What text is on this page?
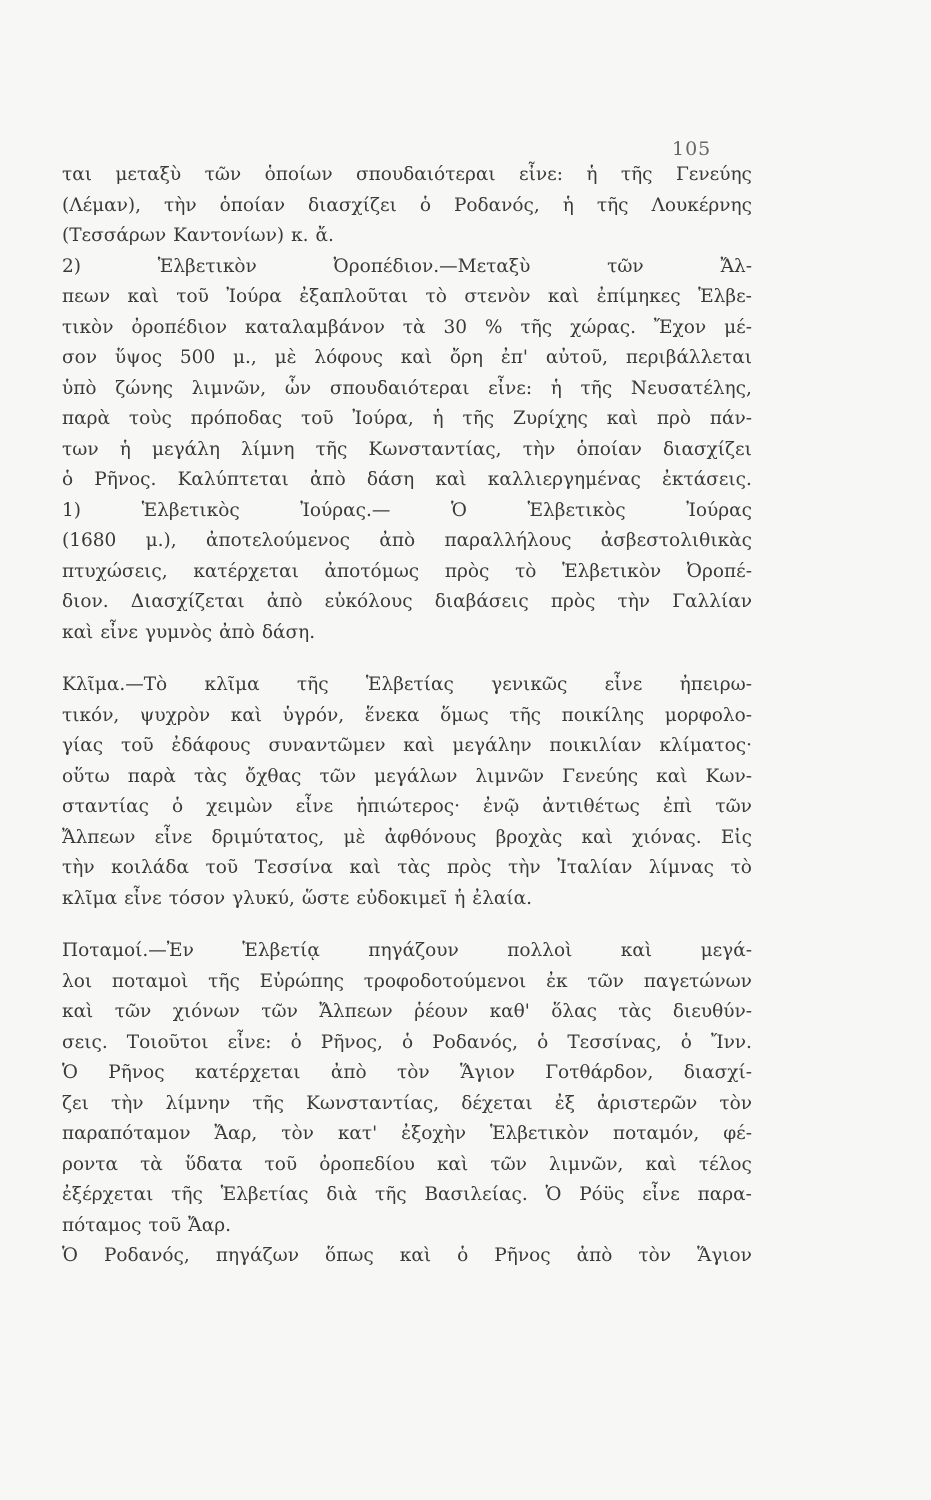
105
ται μεταξὺ τῶν ὁποίων σπουδαιότεραι εἶνε: ἡ τῆς Γενεύης
(Λέμαν), τὴν ὁποίαν διασχίζει ὁ Ροδανός, ἡ τῆς Λουκέρνης
(Τεσσάρων Καντονίων) κ. ἄ.
2)	Ἑλβετικὸν	Ὀροπέδιον.—Μεταξὺ	τῶν	Ἄλ-
πεων καὶ τοῦ Ἰούρα ἐξαπλοῦται τὸ στενὸν καὶ ἐπίμηκες Ἑλβε-
τικὸν ὀροπέδιον καταλαμβάνον τὰ 30 % τῆς χώρας. Ἔχον μέ-
σον ὕψος 500 μ., μὲ λόφους καὶ ὄρη ἐπ' αὐτοῦ, περιβάλλεται
ὑπὸ ζώνης λιμνῶν, ὧν σπουδαιότεραι εἶνε: ἡ τῆς Νευσατέλης,
παρὰ τοὺς πρόποδας τοῦ Ἰούρα, ἡ τῆς Ζυρίχης καὶ πρὸ πάν-
των ἡ μεγάλη λίμνη τῆς Κωνσταντίας, τὴν ὁποίαν διασχίζει
ὁ Ρῆνος. Καλύπτεται ἀπὸ δάση καὶ καλλιεργημένας ἐκτάσεις.
1)	Ἑλβετικὸς	Ἰούρας.—	Ὁ	Ἑλβετικὸς	Ἰούρας
(1680 μ.), ἀποτελούμενος ἀπὸ παραλλήλους ἀσβεστολιθικὰς
πτυχώσεις, κατέρχεται ἀποτόμως πρὸς τὸ Ἑλβετικὸν Ὀροπέ-
διον. Διασχίζεται ἀπὸ εὐκόλους διαβάσεις πρὸς τὴν Γαλλίαν
καὶ εἶνε γυμνὸς ἀπὸ δάση.
Κλῖμα.—Τὸ κλῖμα τῆς Ἑλβετίας γενικῶς εἶνε ἠπειρω-
τικόν, ψυχρὸν καὶ ὑγρόν, ἕνεκα ὅμως τῆς ποικίλης μορφολο-
γίας τοῦ ἐδάφους συναντῶμεν καὶ μεγάλην ποικιλίαν κλίματος·
οὕτω παρὰ τὰς ὄχθας τῶν μεγάλων λιμνῶν Γενεύης καὶ Κων-
σταντίας ὁ χειμὼν εἶνε ἠπιώτερος· ἐνῷ ἀντιθέτως ἐπὶ τῶν
Ἄλπεων εἶνε δριμύτατος, μὲ ἀφθόνους βροχὰς καὶ χιόνας. Εἰς
τὴν κοιλάδα τοῦ Τεσσίνα καὶ τὰς πρὸς τὴν Ἰταλίαν λίμνας τὸ
κλῖμα εἶνε τόσον γλυκύ, ὥστε εὐδοκιμεῖ ἡ ἐλαία.
Ποταμοί.—Ἐν	Ἑλβετίᾳ	πηγάζουν	πολλοὶ	καὶ	μεγά-
λοι ποταμοὶ τῆς Εὐρώπης τροφοδοτούμενοι ἐκ τῶν παγετώνων
καὶ τῶν χιόνων τῶν Ἄλπεων ῥέουν καθ' ὅλας τὰς διευθύν-
σεις. Τοιοῦτοι εἶνε: ὁ Ρῆνος, ὁ Ροδανός, ὁ Τεσσίνας, ὁ Ἴνν.
Ὁ Ρῆνος κατέρχεται ἀπὸ τὸν Ἅγιον Γοτθάρδον, διασχί-
ζει τὴν λίμνην τῆς Κωνσταντίας, δέχεται ἐξ ἀριστερῶν τὸν
παραπόταμον Ἄαρ, τὸν κατ' ἐξοχὴν Ἑλβετικὸν ποταμόν, φέ-
ροντα τὰ ὕδατα τοῦ ὀροπεδίου καὶ τῶν λιμνῶν, καὶ τέλος
ἐξέρχεται τῆς Ἑλβετίας διὰ τῆς Βασιλείας. Ὁ Ρόϋς εἶνε παρα-
πόταμος τοῦ Ἄαρ.
Ὁ Ροδανός, πηγάζων ὅπως καὶ ὁ Ρῆνος ἀπὸ τὸν Ἅγιον
